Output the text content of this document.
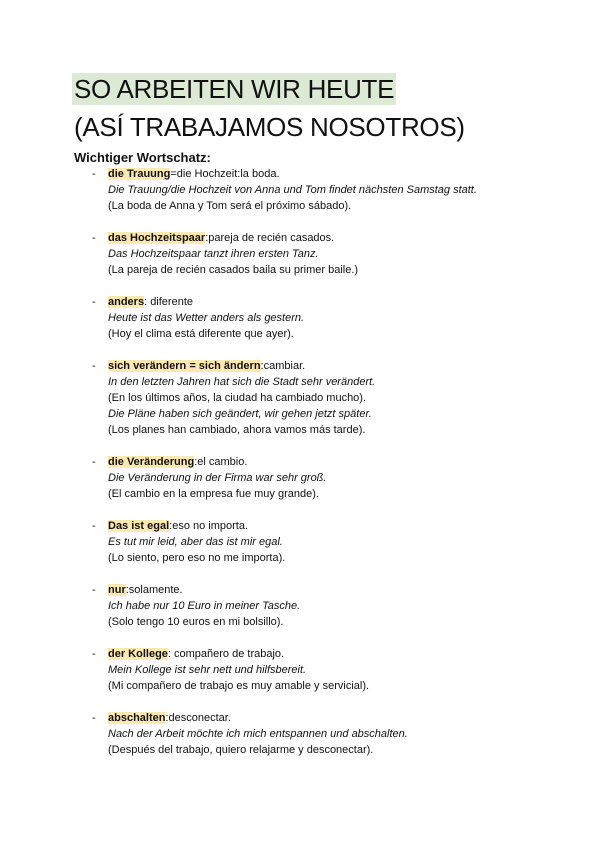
SO ARBEITEN WIR HEUTE
(ASÍ TRABAJAMOS NOSOTROS)
Wichtiger Wortschatz:
- die Trauung=die Hochzeit:la boda.
Die Trauung/die Hochzeit von Anna und Tom findet nächsten Samstag statt.
(La boda de Anna y Tom será el próximo sábado).
- das Hochzeitspaar:pareja de recién casados.
Das Hochzeitspaar tanzt ihren ersten Tanz.
(La pareja de recién casados baila su primer baile.)
- anders: diferente
Heute ist das Wetter anders als gestern.
(Hoy el clima está diferente que ayer).
- sich verändern = sich ändern:cambiar.
In den letzten Jahren hat sich die Stadt sehr verändert.
(En los últimos años, la ciudad ha cambiado mucho).
Die Pläne haben sich geändert, wir gehen jetzt später.
(Los planes han cambiado, ahora vamos más tarde).
- die Veränderung:el cambio.
Die Veränderung in der Firma war sehr groß.
(El cambio en la empresa fue muy grande).
- Das ist egal:eso no importa.
Es tut mir leid, aber das ist mir egal.
(Lo siento, pero eso no me importa).
- nur:solamente.
Ich habe nur 10 Euro in meiner Tasche.
(Solo tengo 10 euros en mi bolsillo).
- der Kollege: compañero de trabajo.
Mein Kollege ist sehr nett und hilfsbereit.
(Mi compañero de trabajo es muy amable y servicial).
- abschalten:desconectar.
Nach der Arbeit möchte ich mich entspannen und abschalten.
(Después del trabajo, quiero relajarme y desconectar).
